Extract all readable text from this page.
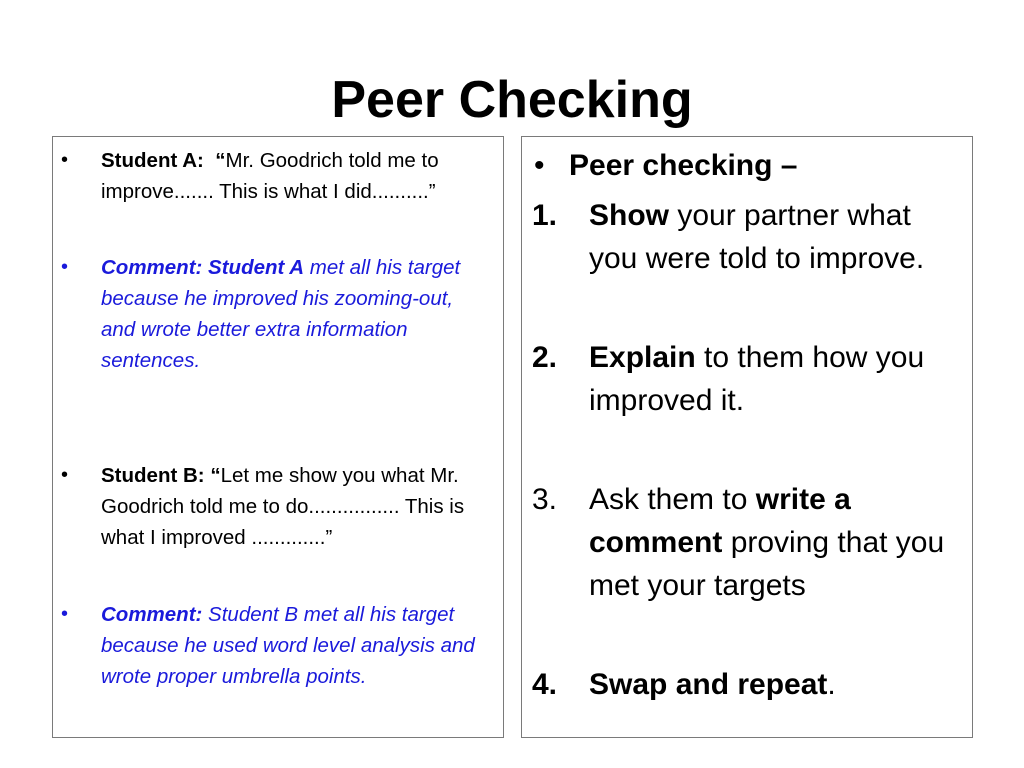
Peer Checking
• Student A: “Mr. Goodrich told me to improve....... This is what I did..........”
• Comment: Student A met all his target because he improved his zooming-out, and wrote better extra information sentences.
• Student B: “Let me show you what Mr. Goodrich told me to do................ This is what I improved .............”
• Comment: Student B met all his target because he used word level analysis and wrote proper umbrella points.
• Peer checking –
1. Show your partner what you were told to improve.
2. Explain to them how you improved it.
3. Ask them to write a comment proving that you met your targets
4. Swap and repeat.
